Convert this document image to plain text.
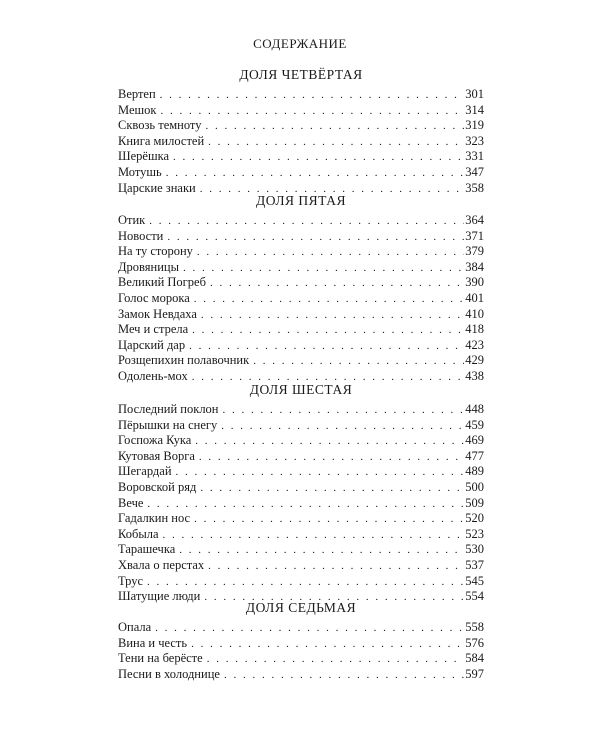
СОДЕРЖАНИЕ
ДОЛЯ ЧЕТВЁРТАЯ
Вертеп . . .	301
Мешок . . .	314
Сквозь темноту . . .	319
Книга милостей . . .	323
Шерёшка . . .	331
Мотушь . . .	347
Царские знаки . . .	358
ДОЛЯ ПЯТАЯ
Отик . . .	364
Новости . . .	371
На ту сторону . . .	379
Дровяницы . . .	384
Великий Погреб . . .	390
Голос морока . . .	401
Замок Невдаха . . .	410
Меч и стрела . . .	418
Царский дар . . .	423
Розщепихин полавочник . . .	429
Одолень-мох . . .	438
ДОЛЯ ШЕСТАЯ
Последний поклон . . .	448
Пёрышки на снегу . . .	459
Госпожа Кука . . .	469
Кутовая Ворга . . .	477
Шегардай . . .	489
Воровской ряд . . .	500
Вече . . .	509
Гадалкин нос . . .	520
Кобыла . . .	523
Тарашечка . . .	530
Хвала о перстах . . .	537
Трус . . .	545
Шатущие люди . . .	554
ДОЛЯ СЕДЬМАЯ
Опала . . .	558
Вина и честь . . .	576
Тени на берёсте . . .	584
Песни в холоднице . . .	597
